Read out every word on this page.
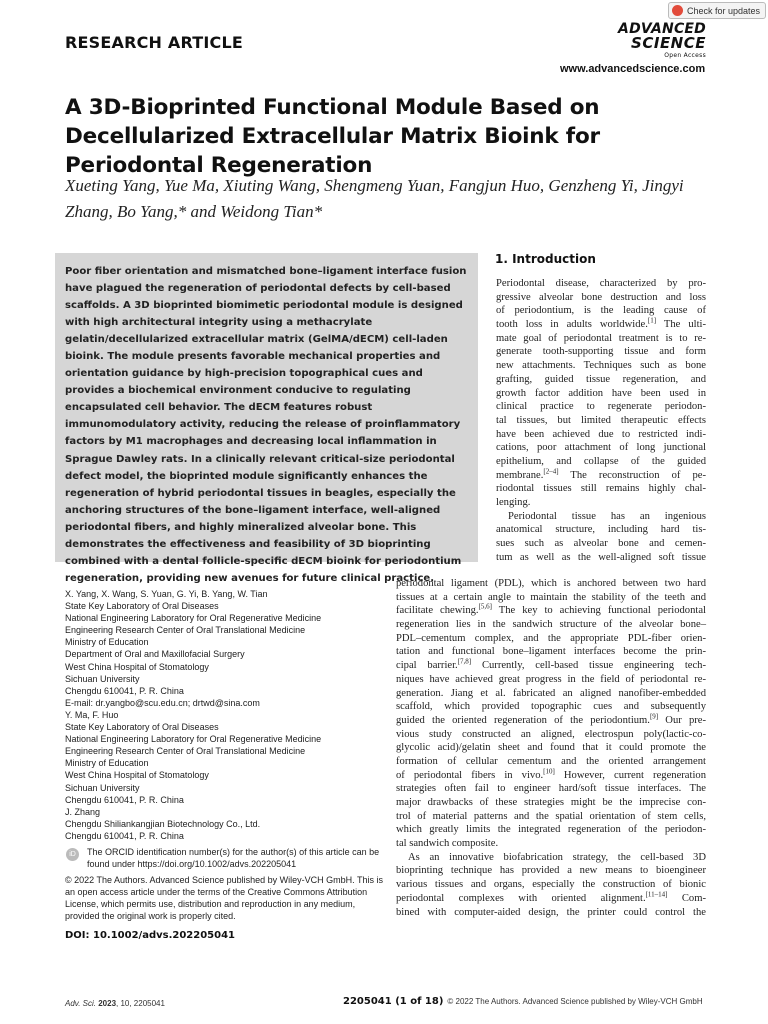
RESEARCH ARTICLE
Check for updates
ADVANCED
SCIENCE
Open Access
www.advancedscience.com
A 3D-Bioprinted Functional Module Based on Decellularized Extracellular Matrix Bioink for Periodontal Regeneration
Xueting Yang, Yue Ma, Xiuting Wang, Shengmeng Yuan, Fangjun Huo, Genzheng Yi, Jingyi Zhang, Bo Yang,* and Weidong Tian*
Poor fiber orientation and mismatched bone–ligament interface fusion have plagued the regeneration of periodontal defects by cell-based scaffolds. A 3D bioprinted biomimetic periodontal module is designed with high architectural integrity using a methacrylate gelatin/decellularized extracellular matrix (GelMA/dECM) cell-laden bioink. The module presents favorable mechanical properties and orientation guidance by high-precision topographical cues and provides a biochemical environment conducive to regulating encapsulated cell behavior. The dECM features robust immunomodulatory activity, reducing the release of proinflammatory factors by M1 macrophages and decreasing local inflammation in Sprague Dawley rats. In a clinically relevant critical-size periodontal defect model, the bioprinted module significantly enhances the regeneration of hybrid periodontal tissues in beagles, especially the anchoring structures of the bone–ligament interface, well-aligned periodontal fibers, and highly mineralized alveolar bone. This demonstrates the effectiveness and feasibility of 3D bioprinting combined with a dental follicle-specific dECM bioink for periodontium regeneration, providing new avenues for future clinical practice.
1. Introduction
Periodontal disease, characterized by pro-
gressive alveolar bone destruction and loss
of periodontium, is the leading cause of
tooth loss in adults worldwide.[1] The ulti-
mate goal of periodontal treatment is to re-
generate tooth-supporting tissue and form
new attachments. Techniques such as bone
grafting, guided tissue regeneration, and
growth factor addition have been used in
clinical practice to regenerate periodon-
tal tissues, but limited therapeutic effects
have been achieved due to restricted indi-
cations, poor attachment of long junctional
epithelium, and collapse of the guided
membrane.[2–4] The reconstruction of pe-
riodontal tissues still remains highly chal-
lenging.
Periodontal tissue has an ingenious
anatomical structure, including hard tis-
sues such as alveolar bone and cemen-
tum as well as the well-aligned soft tissue
periodontal ligament (PDL), which is anchored between two hard
tissues at a certain angle to maintain the stability of the teeth and
facilitate chewing.[5,6] The key to achieving functional periodontal
regeneration lies in the sandwich structure of the alveolar bone–
PDL–cementum complex, and the appropriate PDL-fiber orien-
tation and functional bone–ligament interfaces become the prin-
cipal barrier.[7,8] Currently, cell-based tissue engineering tech-
niques have achieved great progress in the field of periodontal re-
generation. Jiang et al. fabricated an aligned nanofiber-embedded
scaffold, which provided topographic cues and subsequently
guided the oriented regeneration of the periodontium.[9] Our pre-
vious study constructed an aligned, electrospun poly(lactic-co-
glycolic acid)/gelatin sheet and found that it could promote the
formation of cellular cementum and the oriented arrangement
of periodontal fibers in vivo.[10] However, current regeneration
strategies often fail to engineer hard/soft tissue interfaces. The
major drawbacks of these strategies might be the imprecise con-
trol of material patterns and the spatial orientation of stem cells,
which greatly limits the integrated regeneration of the periodon-
tal sandwich composite.
As an innovative biofabrication strategy, the cell-based 3D
bioprinting technique has provided a new means to bioengineer
various tissues and organs, especially the construction of bionic
periodontal complexes with oriented alignment.[11–14] Com-
bined with computer-aided design, the printer could control the
X. Yang, X. Wang, S. Yuan, G. Yi, B. Yang, W. Tian
State Key Laboratory of Oral Diseases
National Engineering Laboratory for Oral Regenerative Medicine
Engineering Research Center of Oral Translational Medicine
Ministry of Education
Department of Oral and Maxillofacial Surgery
West China Hospital of Stomatology
Sichuan University
Chengdu 610041, P. R. China
E-mail: dr.yangbo@scu.edu.cn; drtwd@sina.com
Y. Ma, F. Huo
State Key Laboratory of Oral Diseases
National Engineering Laboratory for Oral Regenerative Medicine
Engineering Research Center of Oral Translational Medicine
Ministry of Education
West China Hospital of Stomatology
Sichuan University
Chengdu 610041, P. R. China
J. Zhang
Chengdu Shiliankangjian Biotechnology Co., Ltd.
Chengdu 610041, P. R. China
iD	The ORCID identification number(s) for the author(s) of this article can be found under https://doi.org/10.1002/advs.202205041
© 2022 The Authors. Advanced Science published by Wiley-VCH GmbH. This is an open access article under the terms of the Creative Commons Attribution License, which permits use, distribution and reproduction in any medium, provided the original work is properly cited.
DOI: 10.1002/advs.202205041
Adv. Sci. 2023, 10, 2205041	2205041 (1 of 18) © 2022 The Authors. Advanced Science published by Wiley-VCH GmbH
